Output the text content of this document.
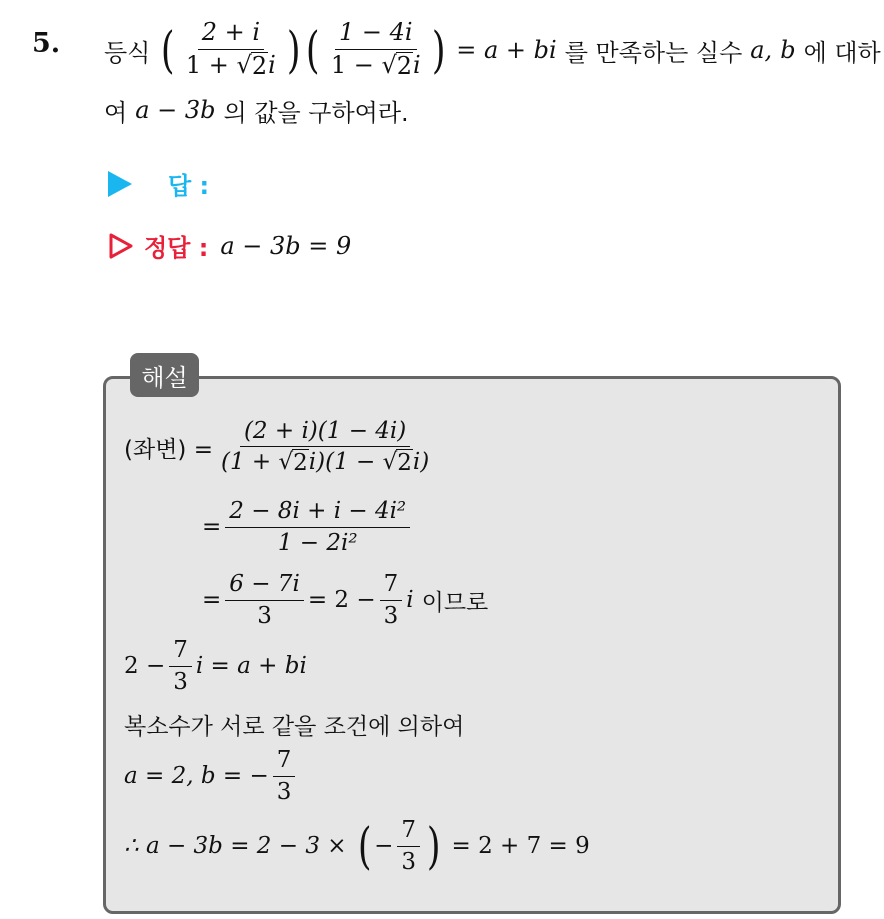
5. 등식 ( $\frac{2 + i}{1 + √ 2 i}$ ) ( $\frac{1 - 4i}{1 - √ 2 i}$ ) = a + bi 를 만족하는 실수 a, b 에 대하
여 a − 3b 의 값을 구하여라.
답 :
정답 : a − 3b = 9
해설
(좌변) = $\frac{(2 + i)(1 - 4i)}{(1 + √ 2 i)(1 - √ 2 i)}$
= $\frac{\text{2 − 8i + i − 4i²}}{\text{1 − 2i²}}$
= $\frac{6 - 7i}{3} = 2 - \frac{7}{3}$ i 이므로
$2 - \frac{7}{3}$ i = a + bi
복소수가 서로 같을 조건에 의하여
a = 2, b = − $\frac{7}{3}$
∴ a − 3b = 2 − 3 × ( − $\frac{7}{3}$ ) = 2 + 7 = 9
